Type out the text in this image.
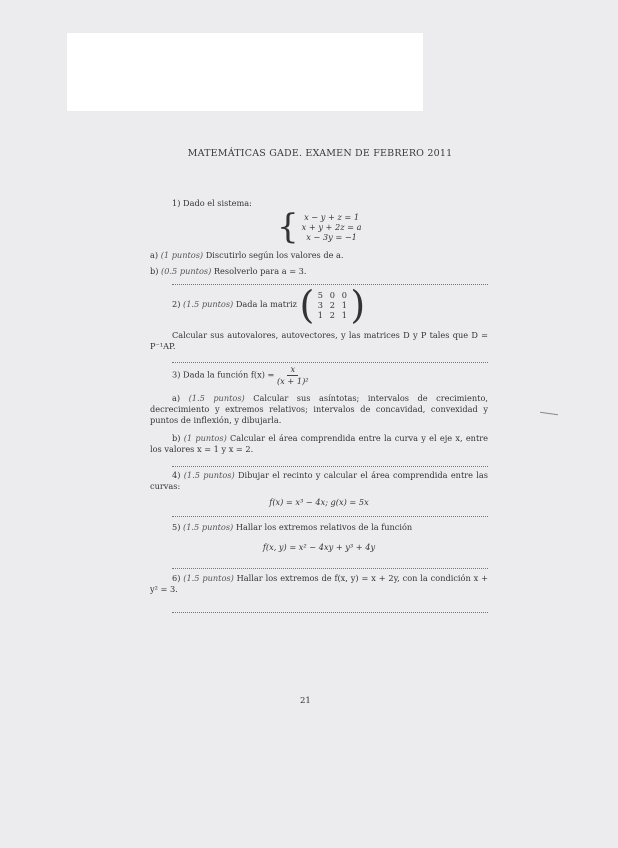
MATEMÁTICAS GADE. EXAMEN DE FEBRERO 2011
1) Dado el sistema:
{ x − y + z = 1
x + y + 2z = a
x − 3y = −1
a) (1 puntos) Discutirlo según los valores de a.
b) (0.5 puntos) Resolverlo para a = 3.
2) (1.5 puntos) Dada la matriz ( 5 0 0
3 2 1
1 2 1 )

Calcular sus autovalores, autovectores, y las matrices D y P tales que D = P⁻¹AP.

3) Dada la función $f(x) = \frac{x}{\text{(x + 1)²}}$

a) (1.5 puntos) Calcular sus asíntotas; intervalos de crecimiento, decrecimiento y extremos relativos; intervalos de concavidad, convexidad y puntos de inflexión, y dibujarla.

b) (1 puntos) Calcular el área comprendida entre la curva y el eje x, entre los valores x = 1 y x = 2.

4) (1.5 puntos) Dibujar el recinto y calcular el área comprendida entre las curvas:

f(x) = x³ − 4x; g(x) = 5x

5) (1.5 puntos) Hallar los extremos relativos de la función

f(x, y) = x² − 4xy + y³ + 4y

6) (1.5 puntos) Hallar los extremos de f(x, y) = x + 2y, con la condición x + y² = 3.

21
